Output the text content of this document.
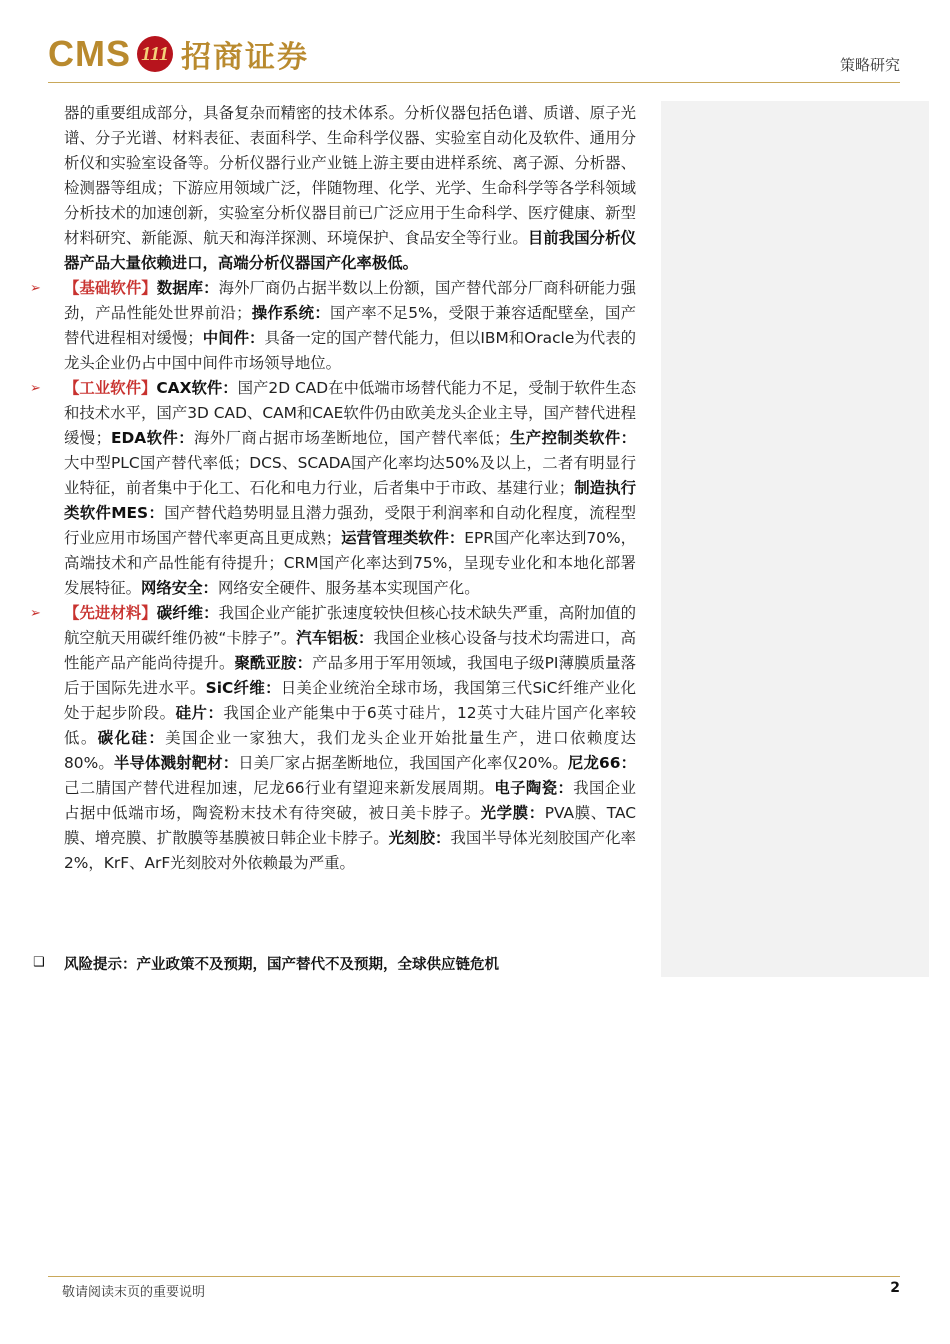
CMS 111 招商证券	策略研究

器的重要组成部分，具备复杂而精密的技术体系。分析仪器包括色谱、质谱、原子光谱、分子光谱、材料表征、表面科学、生命科学仪器、实验室自动化及软件、通用分析仪和实验室设备等。分析仪器行业产业链上游主要由进样系统、离子源、分析器、检测器等组成；下游应用领域广泛，伴随物理、化学、光学、生命科学等各学科领域分析技术的加速创新，实验室分析仪器目前已广泛应用于生命科学、医疗健康、新型材料研究、新能源、航天和海洋探测、环境保护、食品安全等行业。目前我国分析仪器产品大量依赖进口，高端分析仪器国产化率极低。

➢ 【基础软件】数据库：海外厂商仍占据半数以上份额，国产替代部分厂商科研能力强劲，产品性能处世界前沿；操作系统：国产率不足5%，受限于兼容适配壁垒，国产替代进程相对缓慢；中间件：具备一定的国产替代能力，但以IBM和Oracle为代表的龙头企业仍占中国中间件市场领导地位。

➢ 【工业软件】CAX软件：国产2D CAD在中低端市场替代能力不足，受制于软件生态和技术水平，国产3D CAD、CAM和CAE软件仍由欧美龙头企业主导，国产替代进程缓慢；EDA软件：海外厂商占据市场垄断地位，国产替代率低；生产控制类软件：大中型PLC国产替代率低；DCS、SCADA国产化率均达50%及以上，二者有明显行业特征，前者集中于化工、石化和电力行业，后者集中于市政、基建行业；制造执行类软件MES：国产替代趋势明显且潜力强劲，受限于利润率和自动化程度，流程型行业应用市场国产替代率更高且更成熟；运营管理类软件：EPR国产化率达到70%，高端技术和产品性能有待提升；CRM国产化率达到75%，呈现专业化和本地化部署发展特征。网络安全：网络安全硬件、服务基本实现国产化。

➢ 【先进材料】碳纤维：我国企业产能扩张速度较快但核心技术缺失严重，高附加值的航空航天用碳纤维仍被“卡脖子”。汽车铝板：我国企业核心设备与技术均需进口，高性能产品产能尚待提升。聚酰亚胺：产品多用于军用领域，我国电子级PI薄膜质量落后于国际先进水平。SiC纤维：日美企业统治全球市场，我国第三代SiC纤维产业化处于起步阶段。硅片：我国企业产能集中于6英寸硅片，12英寸大硅片国产化率较低。碳化硅：美国企业一家独大，我们龙头企业开始批量生产，进口依赖度达80%。半导体溅射靶材：日美厂家占据垄断地位，我国国产化率仅20%。尼龙66：己二腈国产替代进程加速，尼龙66行业有望迎来新发展周期。电子陶瓷：我国企业占据中低端市场，陶瓷粉末技术有待突破，被日美卡脖子。光学膜：PVA膜、TAC膜、增亮膜、扩散膜等基膜被日韩企业卡脖子。光刻胶：我国半导体光刻胶国产化率2%，KrF、ArF光刻胶对外依赖最为严重。

❑ 风险提示：产业政策不及预期，国产替代不及预期，全球供应链危机
敬请阅读末页的重要说明	2
